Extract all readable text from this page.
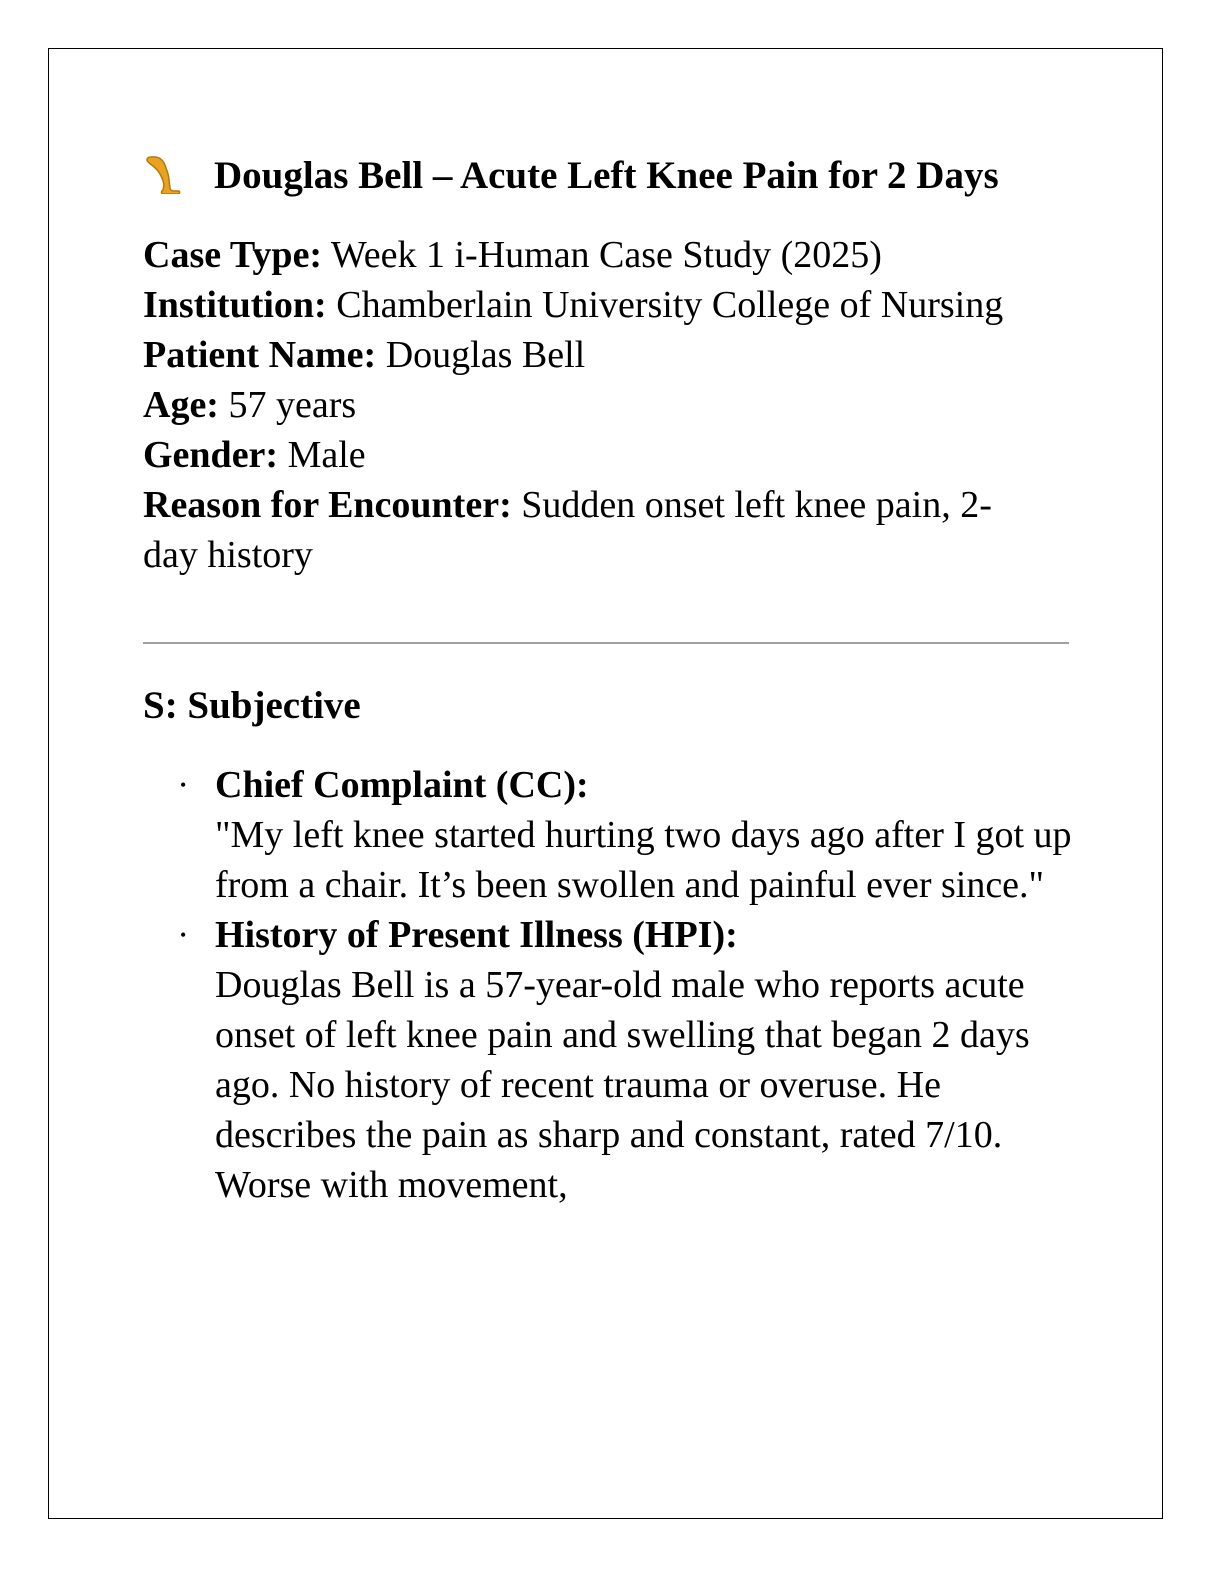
Douglas Bell – Acute Left Knee Pain for 2 Days
Case Type: Week 1 i-Human Case Study (2025)
Institution: Chamberlain University College of Nursing
Patient Name: Douglas Bell
Age: 57 years
Gender: Male
Reason for Encounter: Sudden onset left knee pain, 2-day history
S: Subjective
• Chief Complaint (CC):
"My left knee started hurting two days ago after I got up from a chair. It’s been swollen and painful ever since."
• History of Present Illness (HPI):
Douglas Bell is a 57-year-old male who reports acute onset of left knee pain and swelling that began 2 days ago. No history of recent trauma or overuse. He describes the pain as sharp and constant, rated 7/10. Worse with movement,
